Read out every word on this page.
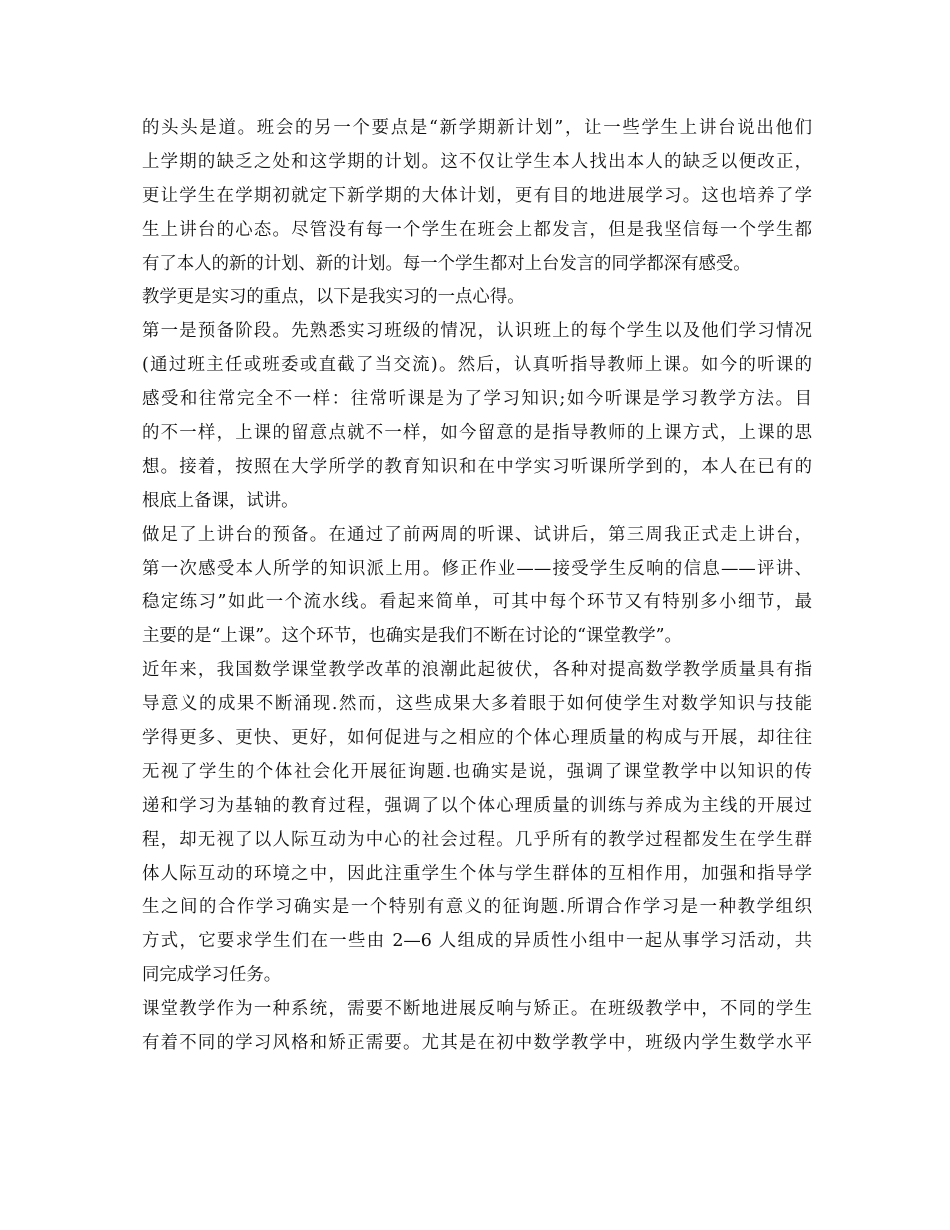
的头头是道。班会的另一个要点是“新学期新计划”，让一些学生上讲台说出他们
上学期的缺乏之处和这学期的计划。这不仅让学生本人找出本人的缺乏以便改正，
更让学生在学期初就定下新学期的大体计划，更有目的地进展学习。这也培养了学
生上讲台的心态。尽管没有每一个学生在班会上都发言，但是我坚信每一个学生都
有了本人的新的计划、新的计划。每一个学生都对上台发言的同学都深有感受。
教学更是实习的重点，以下是我实习的一点心得。
第一是预备阶段。先熟悉实习班级的情况，认识班上的每个学生以及他们学习情况
(通过班主任或班委或直截了当交流)。然后，认真听指导教师上课。如今的听课的
感受和往常完全不一样：往常听课是为了学习知识;如今听课是学习教学方法。目
的不一样，上课的留意点就不一样，如今留意的是指导教师的上课方式，上课的思
想。接着，按照在大学所学的教育知识和在中学实习听课所学到的，本人在已有的
根底上备课，试讲。
做足了上讲台的预备。在通过了前两周的听课、试讲后，第三周我正式走上讲台，
第一次感受本人所学的知识派上用。修正作业——接受学生反响的信息——评讲、
稳定练习”如此一个流水线。看起来简单，可其中每个环节又有特别多小细节，最
主要的是“上课”。这个环节，也确实是我们不断在讨论的“课堂教学”。
近年来，我国数学课堂教学改革的浪潮此起彼伏，各种对提高数学教学质量具有指
导意义的成果不断涌现.然而，这些成果大多着眼于如何使学生对数学知识与技能
学得更多、更快、更好，如何促进与之相应的个体心理质量的构成与开展，却往往
无视了学生的个体社会化开展征询题.也确实是说，强调了课堂教学中以知识的传
递和学习为基轴的教育过程，强调了以个体心理质量的训练与养成为主线的开展过
程，却无视了以人际互动为中心的社会过程。几乎所有的教学过程都发生在学生群
体人际互动的环境之中，因此注重学生个体与学生群体的互相作用，加强和指导学
生之间的合作学习确实是一个特别有意义的征询题.所谓合作学习是一种教学组织
方式，它要求学生们在一些由 2—6 人组成的异质性小组中一起从事学习活动，共
同完成学习任务。
课堂教学作为一种系统，需要不断地进展反响与矫正。在班级教学中，不同的学生
有着不同的学习风格和矫正需要。尤其是在初中数学教学中，班级内学生数学水平
